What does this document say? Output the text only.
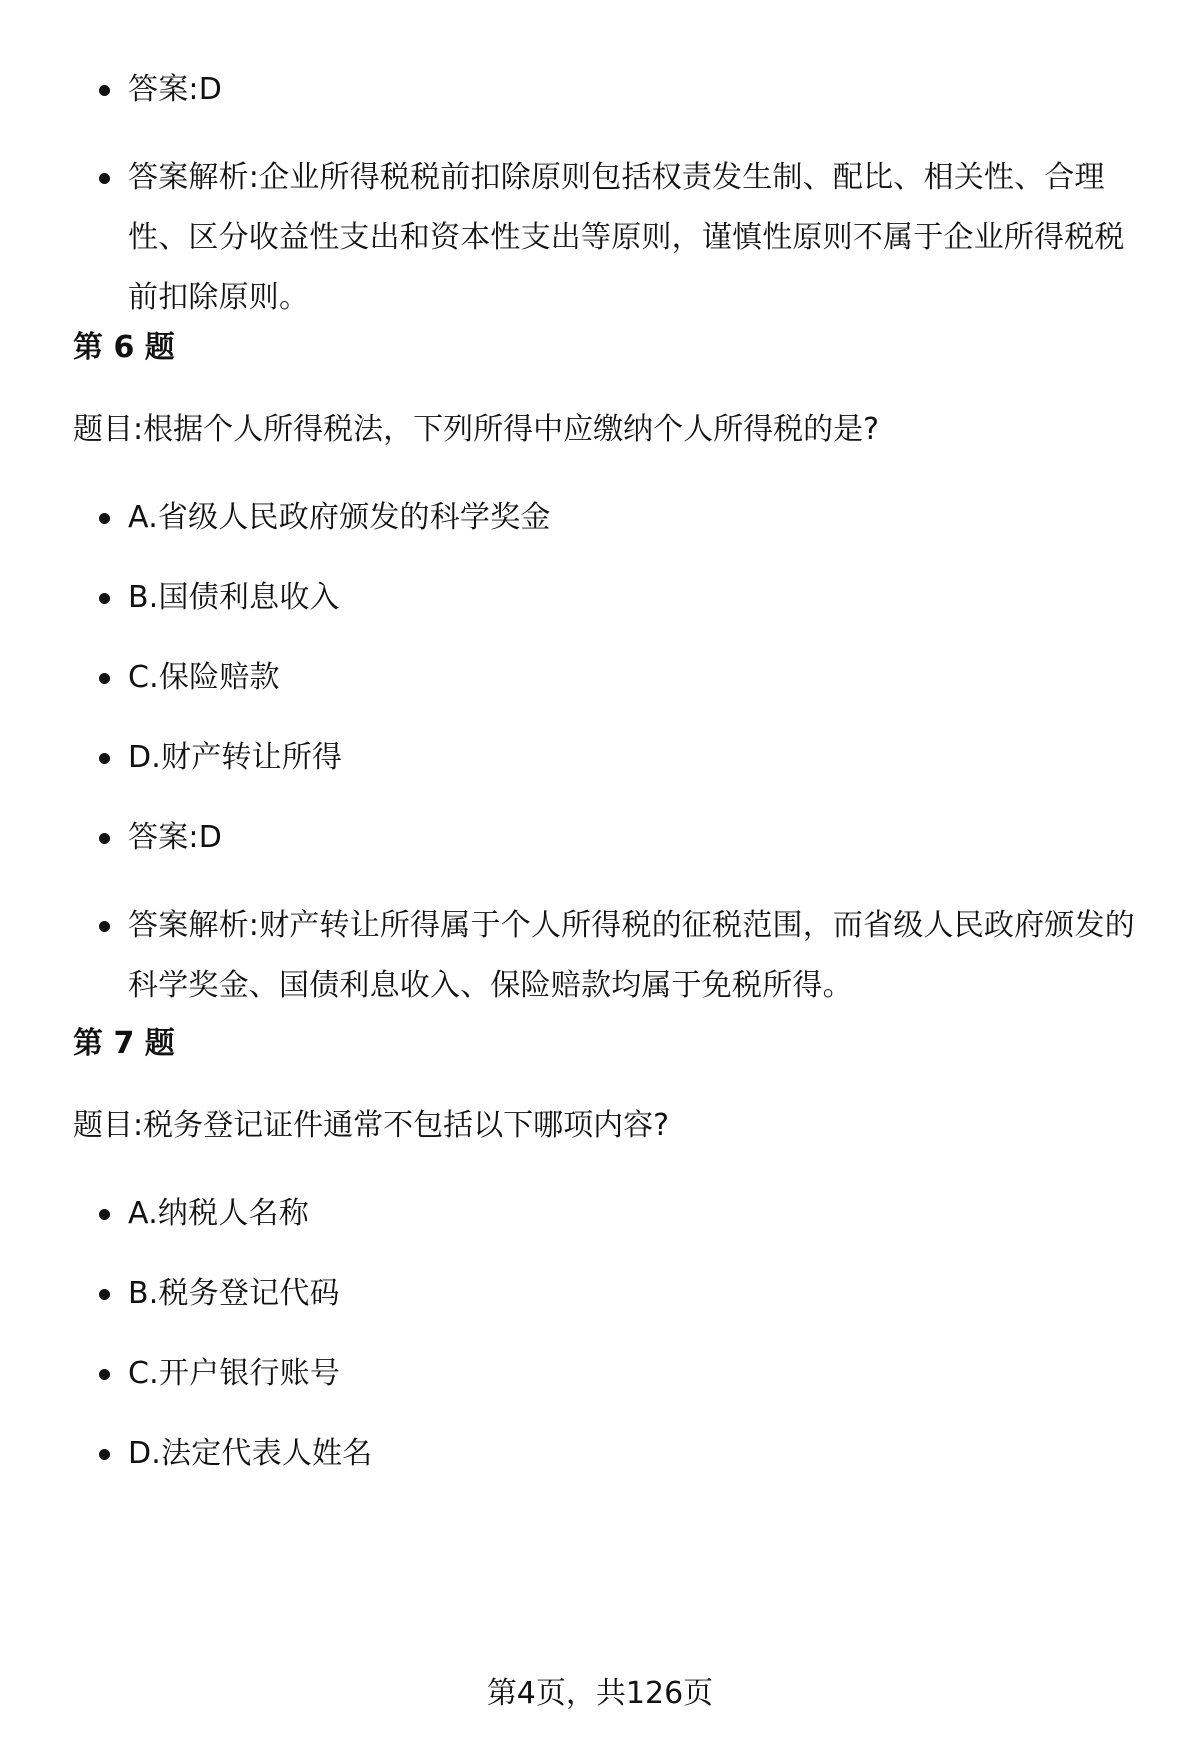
答案:D
答案解析:企业所得税税前扣除原则包括权责发生制、配比、相关性、合理性、区分收益性支出和资本性支出等原则，谨慎性原则不属于企业所得税税前扣除原则。
第 6 题
题目:根据个人所得税法，下列所得中应缴纳个人所得税的是?
A.省级人民政府颁发的科学奖金
B.国债利息收入
C.保险赔款
D.财产转让所得
答案:D
答案解析:财产转让所得属于个人所得税的征税范围，而省级人民政府颁发的科学奖金、国债利息收入、保险赔款均属于免税所得。
第 7 题
题目:税务登记证件通常不包括以下哪项内容?
A.纳税人名称
B.税务登记代码
C.开户银行账号
D.法定代表人姓名
第4页，共126页
